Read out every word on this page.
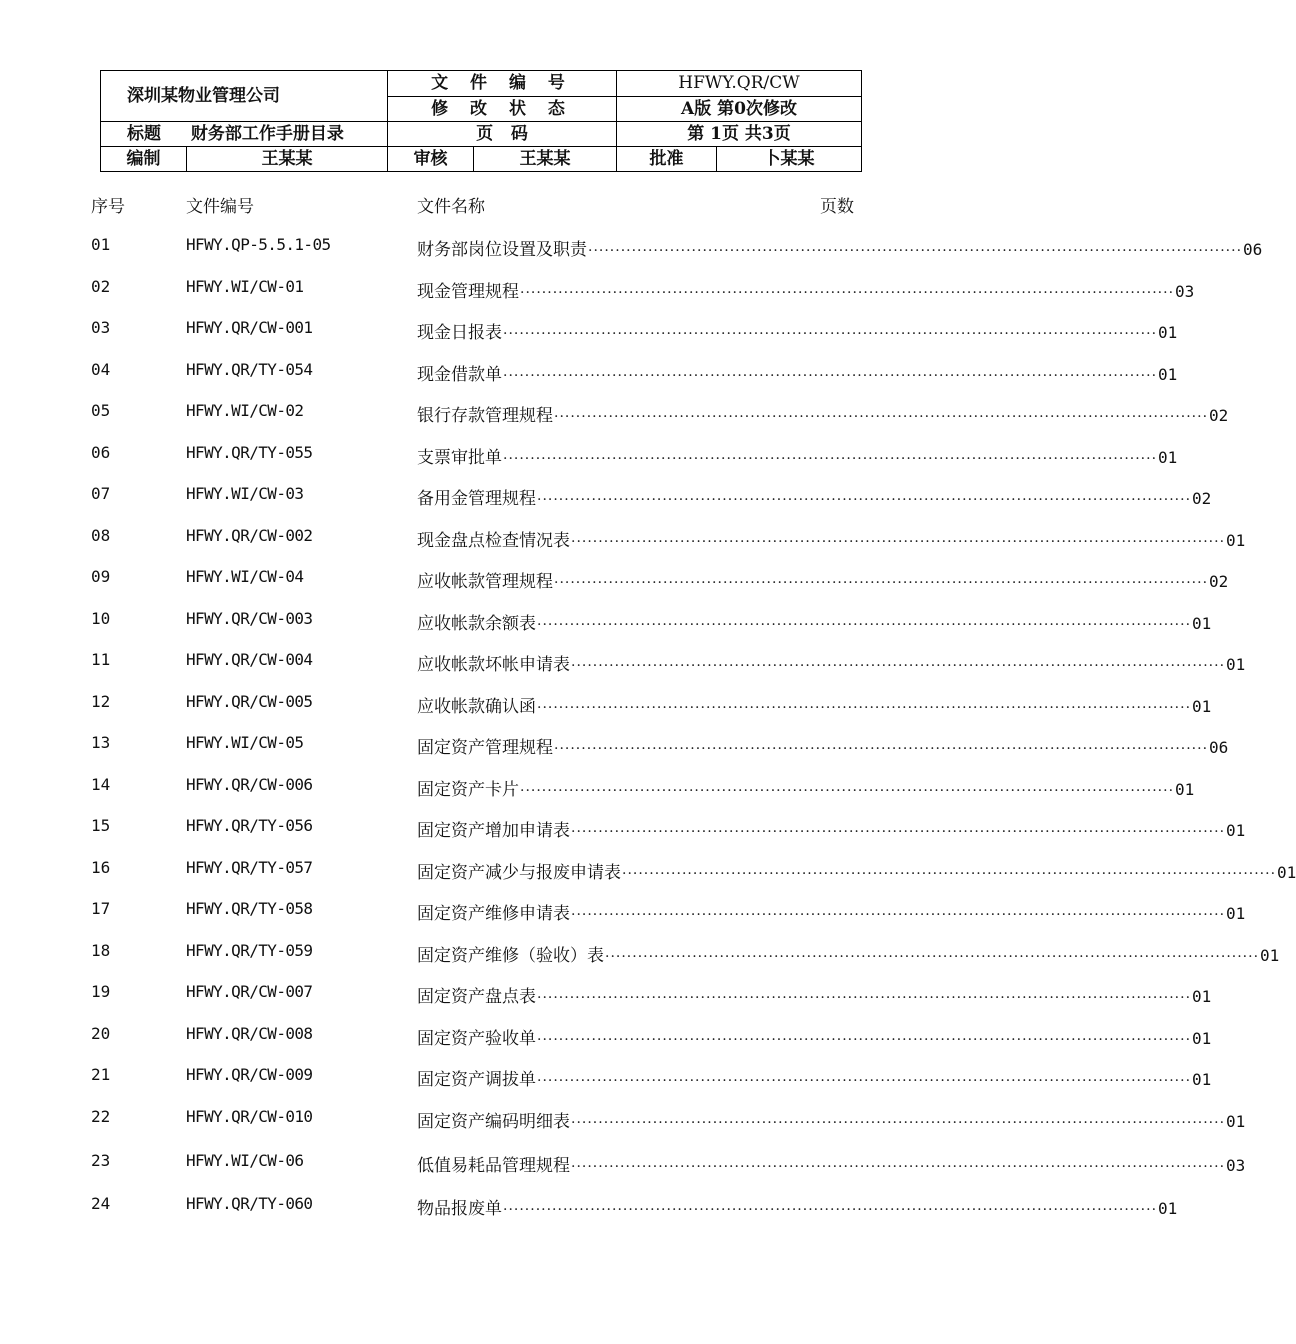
深圳某物业管理公司		文 件 编 号		HFWY.QR/CW	
		修 改 状 态		A版 第0次修改	
标题 财务部工作手册目录		页   码		第 1页 共3页	
编制	王某某	审核	王某某	批准	卜某某
序号	文件编号	文件名称	页数
01	HFWY.QP-5.5.1-05	财务部岗位设置及职责 ························································································································ 06
02	HFWY.WI/CW-01	现金管理规程 ························································································································ 03
03	HFWY.QR/CW-001	现金日报表 ························································································································ 01
04	HFWY.QR/TY-054	现金借款单 ························································································································ 01
05	HFWY.WI/CW-02	银行存款管理规程 ························································································································ 02
06	HFWY.QR/TY-055	支票审批单 ························································································································ 01
07	HFWY.WI/CW-03	备用金管理规程 ························································································································ 02
08	HFWY.QR/CW-002	现金盘点检查情况表 ························································································································ 01
09	HFWY.WI/CW-04	应收帐款管理规程 ························································································································ 02
10	HFWY.QR/CW-003	应收帐款余额表 ························································································································ 01
11	HFWY.QR/CW-004	应收帐款坏帐申请表 ························································································································ 01
12	HFWY.QR/CW-005	应收帐款确认函 ························································································································ 01
13	HFWY.WI/CW-05	固定资产管理规程 ························································································································ 06
14	HFWY.QR/CW-006	固定资产卡片 ························································································································ 01
15	HFWY.QR/TY-056	固定资产增加申请表 ························································································································ 01
16	HFWY.QR/TY-057	固定资产减少与报废申请表 ························································································································ 01
17	HFWY.QR/TY-058	固定资产维修申请表 ························································································································ 01
18	HFWY.QR/TY-059	固定资产维修（验收）表 ························································································································ 01
19	HFWY.QR/CW-007	固定资产盘点表 ························································································································ 01
20	HFWY.QR/CW-008	固定资产验收单 ························································································································ 01
21	HFWY.QR/CW-009	固定资产调拔单 ························································································································ 01
22	HFWY.QR/CW-010	固定资产编码明细表 ························································································································ 01
23	HFWY.WI/CW-06	低值易耗品管理规程 ························································································································ 03
24	HFWY.QR/TY-060	物品报废单 ························································································································ 01
